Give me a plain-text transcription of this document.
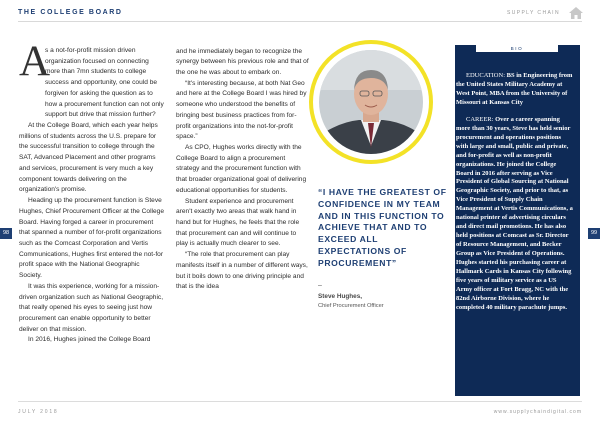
THE COLLEGE BOARD	SUPPLY CHAIN
98	99
A

s a not-for-profit mission driven organization focused on connecting more than 7mn students to college success and opportunity, one could be forgiven for asking the question as to how a procurement function can not only support but drive that mission further?

At the College Board, which each year helps millions of students across the U.S. prepare for the successful transition to college through the SAT, Advanced Placement and other programs and services, procurement is very much a key component towards delivering on the organization's promise.

Heading up the procurement function is Steve Hughes, Chief Procurement Officer at the College Board. Having forged a career in procurement that spanned a number of for-profit organizations such as the Comcast Corporation and Vertis Communications, Hughes first entered the not-for profit space with the National Geographic Society.

It was this experience, working for a mission-driven organization such as National Geographic, that really opened his eyes to seeing just how procurement can enable opportunity to better deliver on that mission.

In 2016, Hughes joined the College Board

and he immediately began to recognize the synergy between his previous role and that of the one he was about to embark on.

“It's interesting because, at both Nat Geo and here at the College Board I was hired by someone who understood the benefits of bringing best business practices from for-profit organizations into the not-for-profit space.”

As CPO, Hughes works directly with the College Board to align a procurement strategy and the procurement function with that broader organizational goal of delivering educational opportunities for students.

Student experience and procurement aren't exactly two areas that walk hand in hand but for Hughes, he feels that the role that procurement can and will continue to play is actually much clearer to see.

“The role that procurement can play manifests itself in a number of different ways, but it boils down to one driving principle and that is the idea

“I HAVE THE GREATEST OF CONFIDENCE IN MY TEAM AND IN THIS FUNCTION TO ACHIEVE THAT AND TO EXCEED ALL EXPECTATIONS OF PROCUREMENT”
–
Steve Hughes,
Chief Procurement Officer
BIO

EDUCATION: BS in Engineering from the United States Military Academy at West Point, MBA from the University of Missouri at Kansas City

CAREER: Over a career spanning more than 30 years, Steve has held senior procurement and operations positions with large and small, public and private, and for-profit as well as non-profit organizations. He joined the College Board in 2016 after serving as Vice President of Global Sourcing at National Geographic Society, and prior to that, as Vice President of Supply Chain Management at Vertis Communications, a national printer of advertising circulars and direct mail promotions. He has also held positions at Comcast as Sr. Director of Resource Management, and Becker Group as Vice President of Operations. Hughes started his purchasing career at Hallmark Cards in Kansas City following five years of military service as a US Army officer at Fort Bragg, NC with the 82nd Airborne Division, where he completed 40 military parachute jumps.

JULY 2018	www.supplychaindigital.com
